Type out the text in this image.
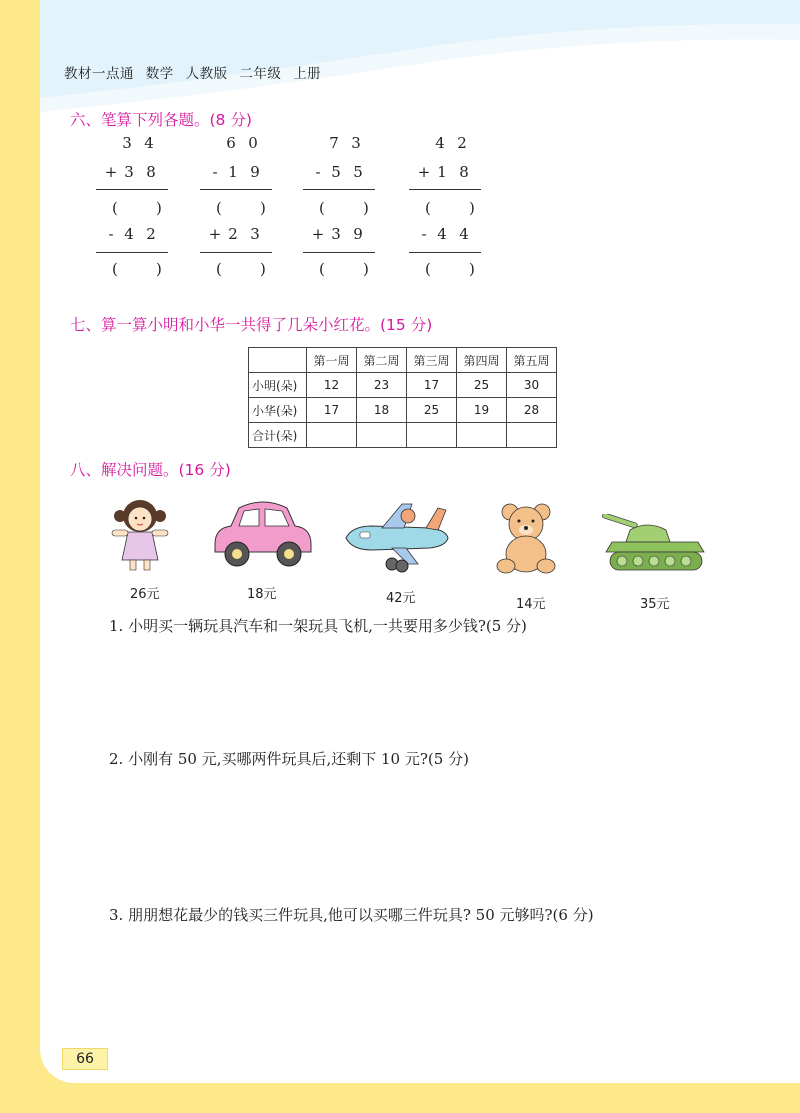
教材一点通 数学 人教版 二年级 上册
六、笔算下列各题。(8 分)
3 4
+ 3 8
(        )
- 4 2
(        )
6 0
- 1 9
(        )
+ 2 3
(        )
7 3
- 5 5
(        )
+ 3 9
(        )
4 2
+ 1 8
(        )
- 4 4
(        )
七、算一算小明和小华一共得了几朵小红花。(15 分)
	第一周	第二周	第三周	第四周	第五周
小明(朵)	12	23	17	25	30
小华(朵)	17	18	25	19	28
合计(朵)					
八、解决问题。(16 分)
26元	18元	42元	14元	35元
1. 小明买一辆玩具汽车和一架玩具飞机,一共要用多少钱?(5 分)
2. 小刚有 50 元,买哪两件玩具后,还剩下 10 元?(5 分)
3. 朋朋想花最少的钱买三件玩具,他可以买哪三件玩具? 50 元够吗?(6 分)
66
